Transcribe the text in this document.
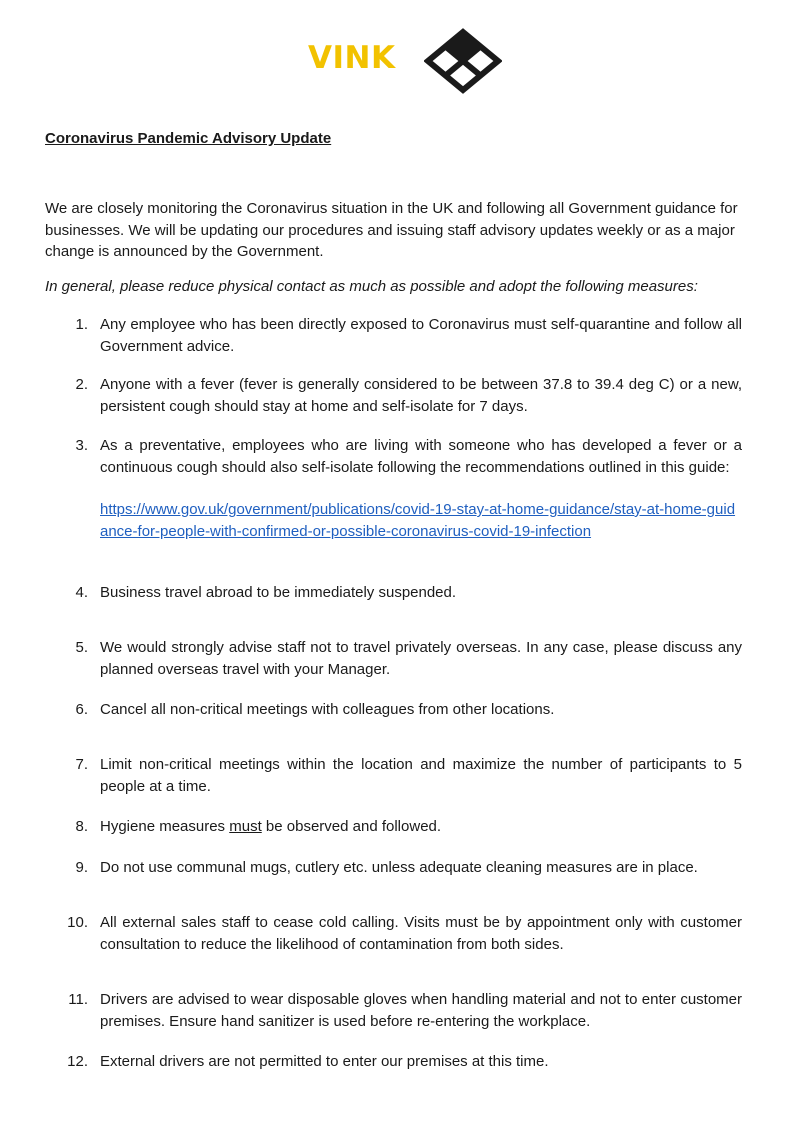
VINK
Coronavirus Pandemic Advisory Update
We are closely monitoring the Coronavirus situation in the UK and following all Government guidance for businesses. We will be updating our procedures and issuing staff advisory updates weekly or as a major change is announced by the Government.
In general, please reduce physical contact as much as possible and adopt the following measures:
1. Any employee who has been directly exposed to Coronavirus must self-quarantine and follow all Government advice.
2. Anyone with a fever (fever is generally considered to be between 37.8 to 39.4 deg C) or a new, persistent cough should stay at home and self-isolate for 7 days.
3. As a preventative, employees who are living with someone who has developed a fever or a continuous cough should also self-isolate following the recommendations outlined in this guide:
https://www.gov.uk/government/publications/covid-19-stay-at-home-guidance/stay-at-home-guidance-for-people-with-confirmed-or-possible-coronavirus-covid-19-infection
4. Business travel abroad to be immediately suspended.
5. We would strongly advise staff not to travel privately overseas. In any case, please discuss any planned overseas travel with your Manager.
6. Cancel all non-critical meetings with colleagues from other locations.
7. Limit non-critical meetings within the location and maximize the number of participants to 5 people at a time.
8. Hygiene measures must be observed and followed.
9. Do not use communal mugs, cutlery etc. unless adequate cleaning measures are in place.
10. All external sales staff to cease cold calling. Visits must be by appointment only with customer consultation to reduce the likelihood of contamination from both sides.
11. Drivers are advised to wear disposable gloves when handling material and not to enter customer premises. Ensure hand sanitizer is used before re-entering the workplace.
12. External drivers are not permitted to enter our premises at this time.
